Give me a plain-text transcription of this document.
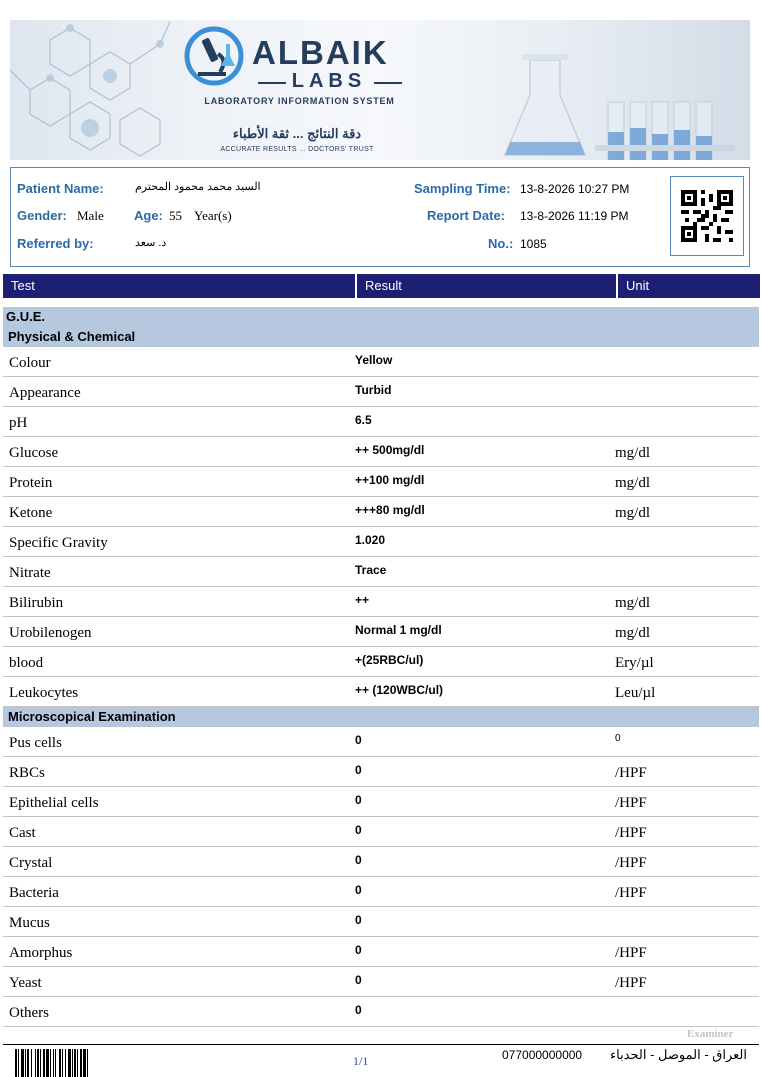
ALBAIK
LABS
LABORATORY INFORMATION SYSTEM
دقة النتائج ... ثقة الأطباء
ACCURATE RESULTS ... DOCTORS' TRUST
Patient Name:	السيد محمد محمود المحترم
Gender: Male Age: 55 Year(s)
Referred by:	د. سعد
Sampling Time: 13-8-2026 10:27 PM
Report Date: 13-8-2026 11:19 PM
No.: 1085
Test	Result	Unit
G.U.E.
Physical & Chemical
Colour	Yellow
Appearance	Turbid
pH	6.5
Glucose	++ 500mg/dl	mg/dl
Protein	++100 mg/dl	mg/dl
Ketone	+++80 mg/dl	mg/dl
Specific Gravity	1.020
Nitrate	Trace
Bilirubin	++	mg/dl
Urobilenogen	Normal 1 mg/dl	mg/dl
blood	+(25RBC/ul)	Ery/µl
Leukocytes	++ (120WBC/ul)	Leu/µl
Microscopical Examination
Pus cells	0	0
RBCs	0	/HPF
Epithelial cells	0	/HPF
Cast	0	/HPF
Crystal	0	/HPF
Bacteria	0	/HPF
Mucus	0
Amorphus	0	/HPF
Yeast	0	/HPF
Others	0
Examiner
1/1	077000000000 العراق - الموصل - الحدباء
